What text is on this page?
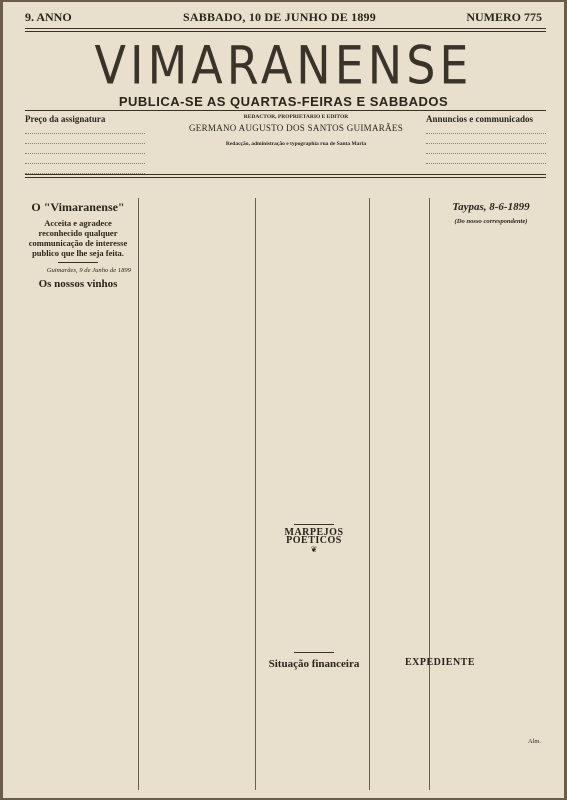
9. ANNO	SABBADO, 10 DE JUNHO DE 1899	NUMERO 775
VIMARANENSE
PUBLICA-SE AS QUARTAS-FEIRAS E SABBADOS
Preço da assignatura	REDACTOR, PROPRIETARIO E EDITOR
GERMANO AUGUSTO DOS SANTOS GUIMARÃES
Redacção, administração e typographia rua de Santa Maria
Annuncios e communicados
O "Vimaranense"
Acceita e agradece reconhecido qualquer communicação de interesse publico que lhe seja feita.
Guimarães, 9 de Junho de 1899
Os nossos vinhos
MARPEJOS POETICOS
❦
Situação financeira
Taypas, 8-6-1899
(Do nosso correspondente)
Alm.
EXPEDIENTE
